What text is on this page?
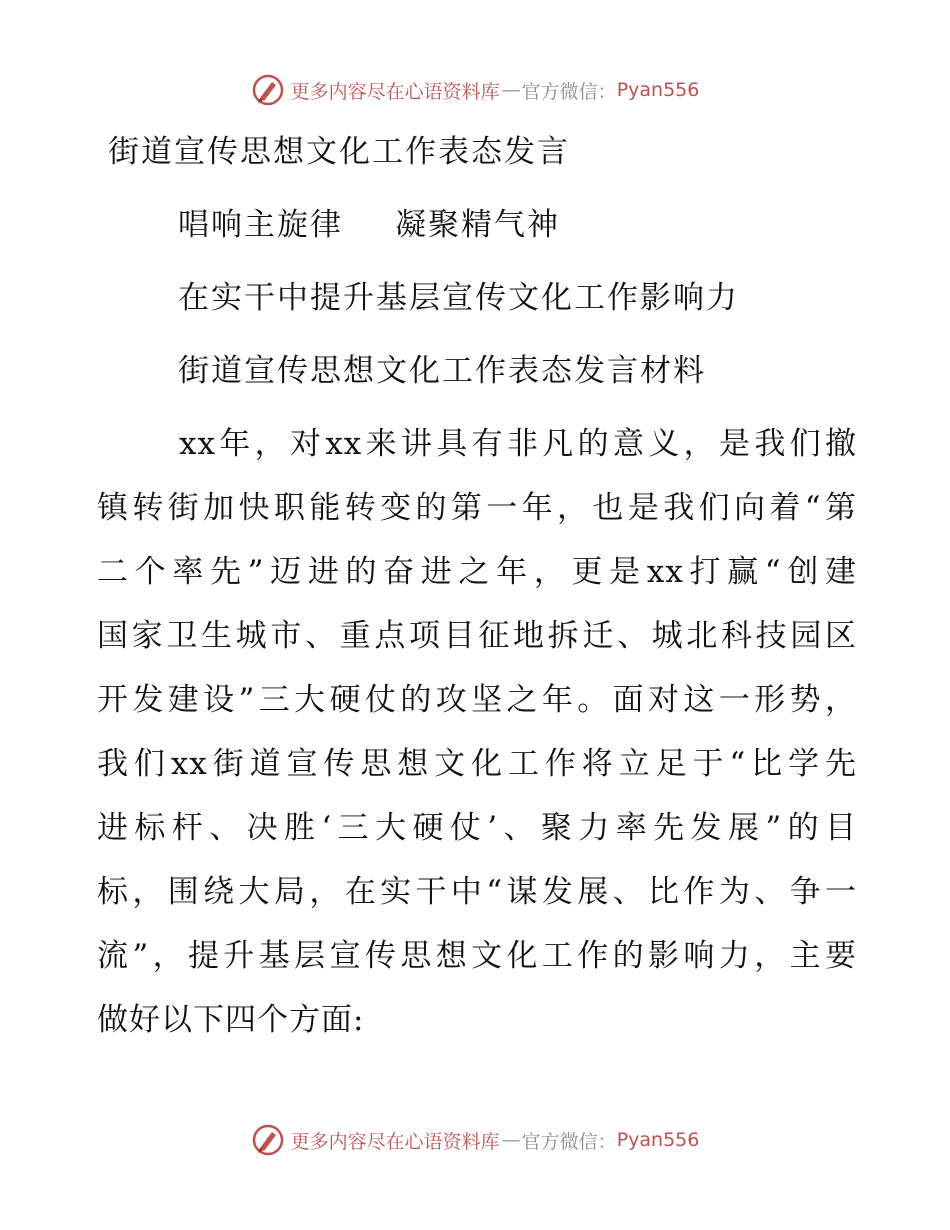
更多内容尽在心语资料库 — 官方微信： Pyan556
街道宣传思想文化工作表态发言
唱响主旋律 凝聚精气神
在实干中提升基层宣传文化工作影响力
街道宣传思想文化工作表态发言材料
xx年，对xx来讲具有非凡的意义，是我们撤
镇转街加快职能转变的第一年，也是我们向着“第
二个率先”迈进的奋进之年，更是xx打赢“创建
国家卫生城市、重点项目征地拆迁、城北科技园区
开发建设”三大硬仗的攻坚之年。面对这一形势，
我们xx街道宣传思想文化工作将立足于“比学先
进标杆、决胜‘三大硬仗’、聚力率先发展”的目
标，围绕大局，在实干中“谋发展、比作为、争一
流”，提升基层宣传思想文化工作的影响力，主要
做好以下四个方面:
更多内容尽在心语资料库 — 官方微信： Pyan556
